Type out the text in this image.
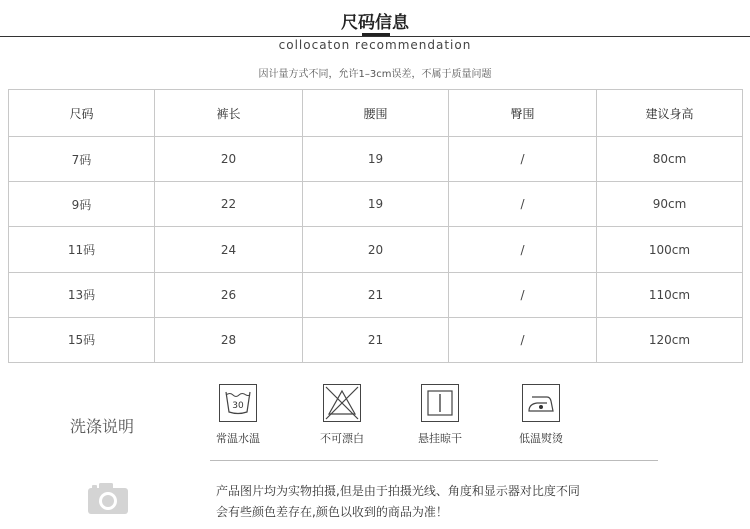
尺码信息
collocaton recommendation
因计量方式不同，允许1–3cm误差，不属于质量问题
尺码	裤长	腰围	臀围	建议身高
7码	20	19	/	80cm
9码	22	19	/	90cm
11码	24	20	/	100cm
13码	26	21	/	110cm
15码	28	21	/	120cm
洗涤说明
30
常温水温	不可漂白	悬挂晾干	低温熨烫
产品图片均为实物拍摄,但是由于拍摄光线、角度和显示器对比度不同
会有些颜色差存在,颜色以收到的商品为准！
